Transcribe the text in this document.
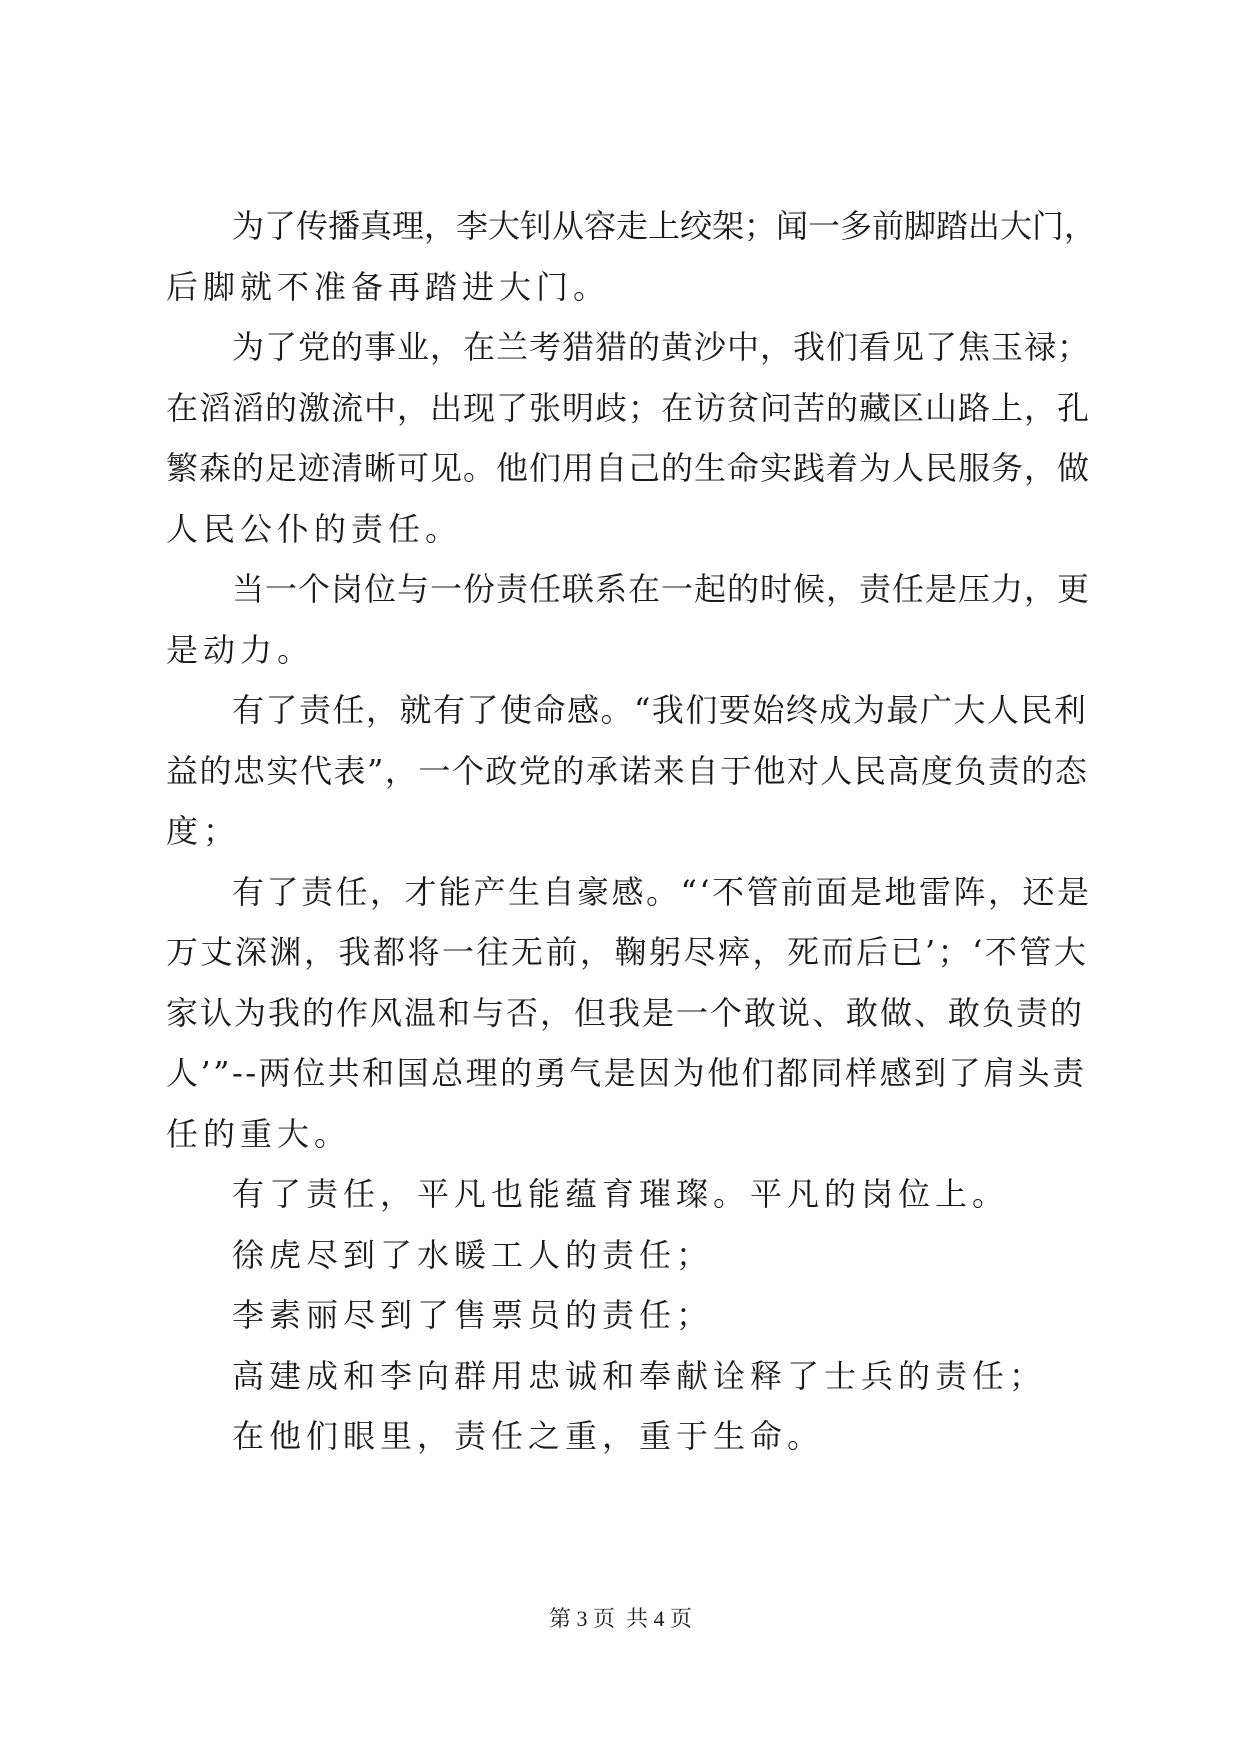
为了传播真理，李大钊从容走上绞架；闻一多前脚踏出大门，
后脚就不准备再踏进大门。
为了党的事业，在兰考猎猎的黄沙中，我们看见了焦玉禄；
在滔滔的激流中，出现了张明歧；在访贫问苦的藏区山路上，孔
繁森的足迹清晰可见。他们用自己的生命实践着为人民服务，做
人民公仆的责任。
当一个岗位与一份责任联系在一起的时候，责任是压力，更
是动力。
有了责任，就有了使命感。“我们要始终成为最广大人民利
益的忠实代表”，一个政党的承诺来自于他对人民高度负责的态
度；
有了责任，才能产生自豪感。“‘不管前面是地雷阵，还是
万丈深渊，我都将一往无前，鞠躬尽瘁，死而后已’；‘不管大
家认为我的作风温和与否，但我是一个敢说、敢做、敢负责的
人’”--两位共和国总理的勇气是因为他们都同样感到了肩头责
任的重大。
有了责任，平凡也能蕴育璀璨。平凡的岗位上。
徐虎尽到了水暖工人的责任；
李素丽尽到了售票员的责任；
高建成和李向群用忠诚和奉献诠释了士兵的责任；
在他们眼里，责任之重，重于生命。
第 3 页  共 4 页
